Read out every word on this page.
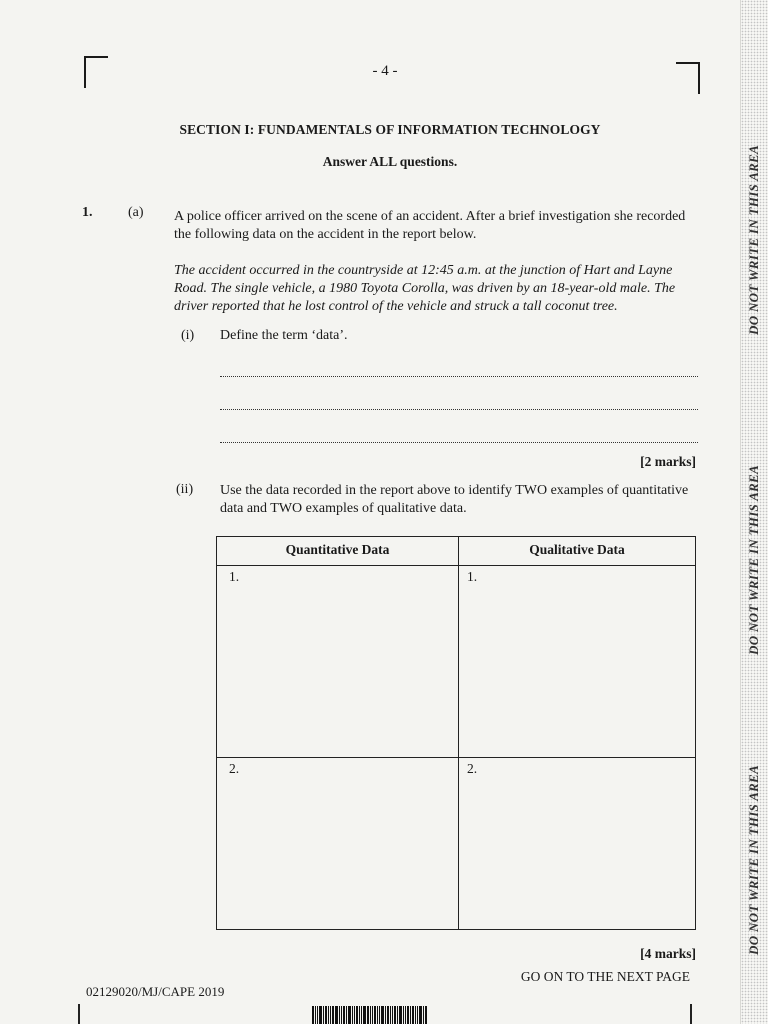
DO NOT WRITE IN THIS AREA
DO NOT WRITE IN THIS AREA
DO NOT WRITE IN THIS AREA
- 4 -
SECTION I: FUNDAMENTALS OF INFORMATION TECHNOLOGY
Answer ALL questions.
1.	(a) A police officer arrived on the scene of an accident. After a brief investigation she recorded the following data on the accident in the report below.
The accident occurred in the countryside at 12:45 a.m. at the junction of Hart and Layne Road. The single vehicle, a 1980 Toyota Corolla, was driven by an 18-year-old male. The driver reported that he lost control of the vehicle and struck a tall coconut tree.
(i) Define the term ‘data’.
[2 marks]
(ii) Use the data recorded in the report above to identify TWO examples of quantitative data and TWO examples of qualitative data.
Quantitative Data	Qualitative Data
1.	1.
2.	2.
[4 marks]
GO ON TO THE NEXT PAGE
02129020/MJ/CAPE 2019
